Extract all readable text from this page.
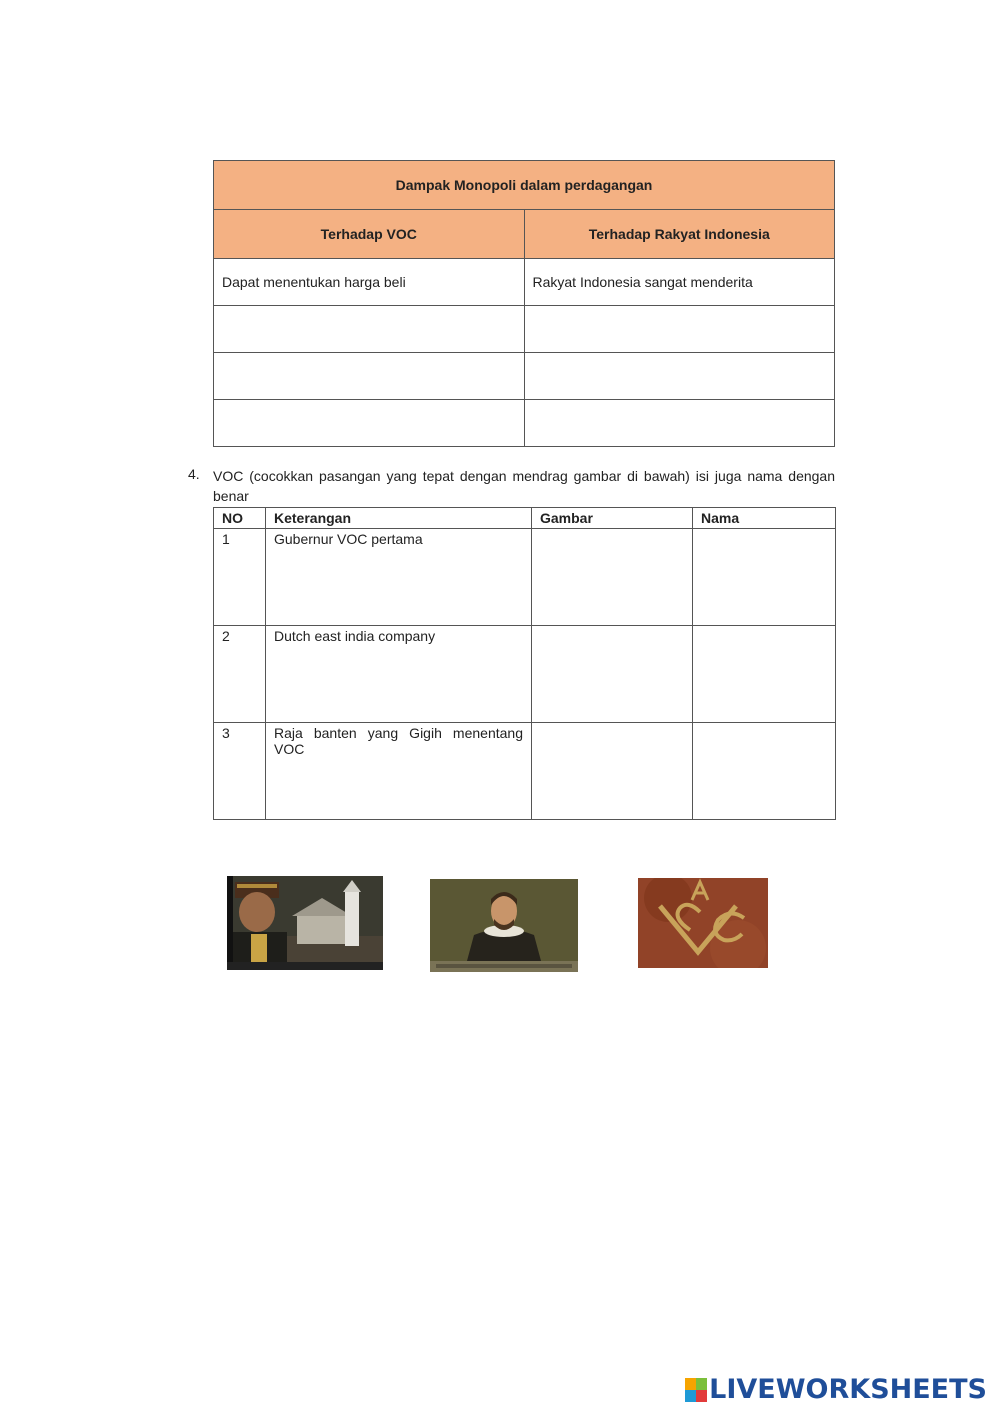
Dampak Monopoli dalam perdagangan	
Terhadap VOC	Terhadap Rakyat Indonesia
Dapat menentukan harga beli	Rakyat Indonesia sangat menderita

4. VOC (cocokkan pasangan yang tepat dengan mendrag gambar di bawah) isi juga nama dengan benar
NO	Keterangan	Gambar	Nama
1	Gubernur VOC pertama		
2	Dutch east india company		
3	Raja banten yang Gigih menentang VOC		
LIVEWORKSHEETS
